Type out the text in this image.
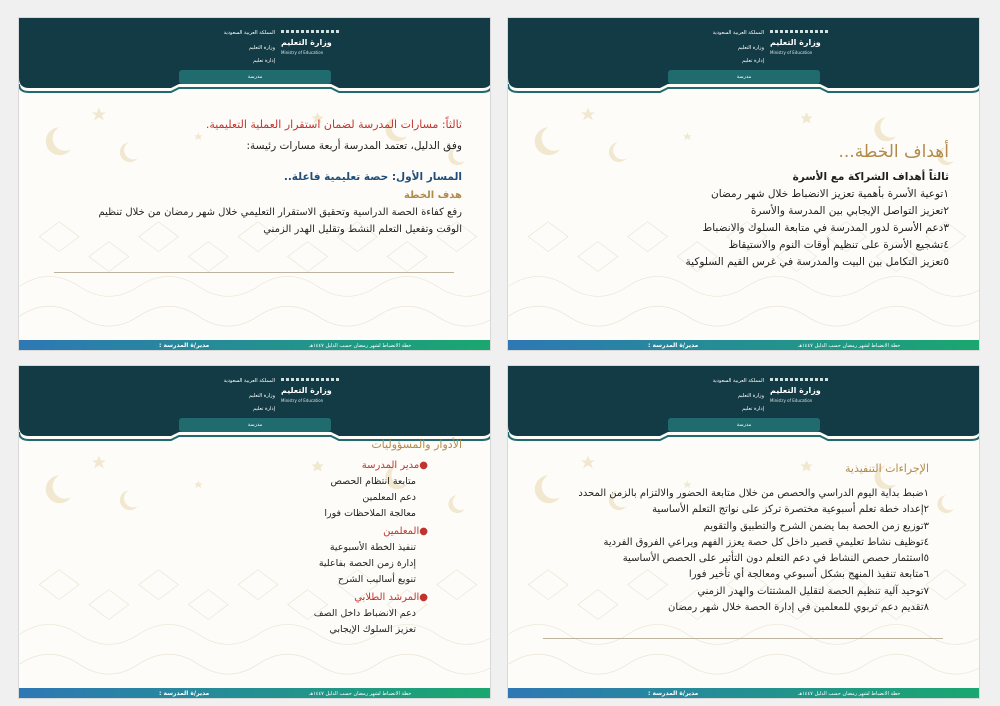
وزارة التعليم
Ministry of Education
المملكة العربية السعودية
وزارة التعليم
إدارة تعليم
مدرسة
مدير/ة المدرسة :	خطة الانضباط لشهر رمضان حسب الدليل ١٤٤٧هـ
أهداف الخطة...
ثالثاً أهداف الشراكة مع الأسرة
١توعية الأسرة بأهمية تعزيز الانضباط خلال شهر رمضان
٢تعزيز التواصل الإيجابي بين المدرسة والأسرة
٣دعم الأسرة لدور المدرسة في متابعة السلوك والانضباط
٤تشجيع الأسرة على تنظيم أوقات النوم والاستيقاظ
٥تعزيز التكامل بين البيت والمدرسة في غرس القيم السلوكية
وزارة التعليم
Ministry of Education
المملكة العربية السعودية
وزارة التعليم
إدارة تعليم
مدرسة
مدير/ة المدرسة :	خطة الانضباط لشهر رمضان حسب الدليل ١٤٤٧هـ
ثالثاً: مسارات المدرسة لضمان استقرار العملية التعليمية.
وفق الدليل، تعتمد المدرسة أربعة مسارات رئيسة:
المسار الأول: حصة تعليمية فاعلة..
هدف الخطة
رفع كفاءة الحصة الدراسية وتحقيق الاستقرار التعليمي خلال شهر رمضان من خلال تنظيم
الوقت وتفعيل التعلم النشط وتقليل الهدر الزمني
وزارة التعليم
Ministry of Education
المملكة العربية السعودية
وزارة التعليم
إدارة تعليم
مدرسة
مدير/ة المدرسة :	خطة الانضباط لشهر رمضان حسب الدليل ١٤٤٧هـ
الإجراءات التنفيذية
١ضبط بداية اليوم الدراسي والحصص من خلال متابعة الحضور والالتزام بالزمن المحدد
٢إعداد خطة تعلم أسبوعية مختصرة تركز على نواتج التعلم الأساسية
٣توزيع زمن الحصة بما يضمن الشرح والتطبيق والتقويم
٤توظيف نشاط تعليمي قصير داخل كل حصة يعزز الفهم ويراعي الفروق الفردية
٥استثمار حصص النشاط في دعم التعلم دون التأثير على الحصص الأساسية
٦متابعة تنفيذ المنهج بشكل أسبوعي ومعالجة أي تأخير فورا
٧توحيد آلية تنظيم الحصة لتقليل المشتتات والهدر الزمني
٨تقديم دعم تربوي للمعلمين في إدارة الحصة خلال شهر رمضان
وزارة التعليم
Ministry of Education
المملكة العربية السعودية
وزارة التعليم
إدارة تعليم
مدرسة
مدير/ة المدرسة :	خطة الانضباط لشهر رمضان حسب الدليل ١٤٤٧هـ
الأدوار والمسؤوليات
●مدير المدرسة
متابعة انتظام الحصص
دعم المعلمين
معالجة الملاحظات فورا
●المعلمين
تنفيذ الخطة الأسبوعية
إدارة زمن الحصة بفاعلية
تنويع أساليب الشرح
●المرشد الطلابي
دعم الانضباط داخل الصف
تعزيز السلوك الإيجابي
